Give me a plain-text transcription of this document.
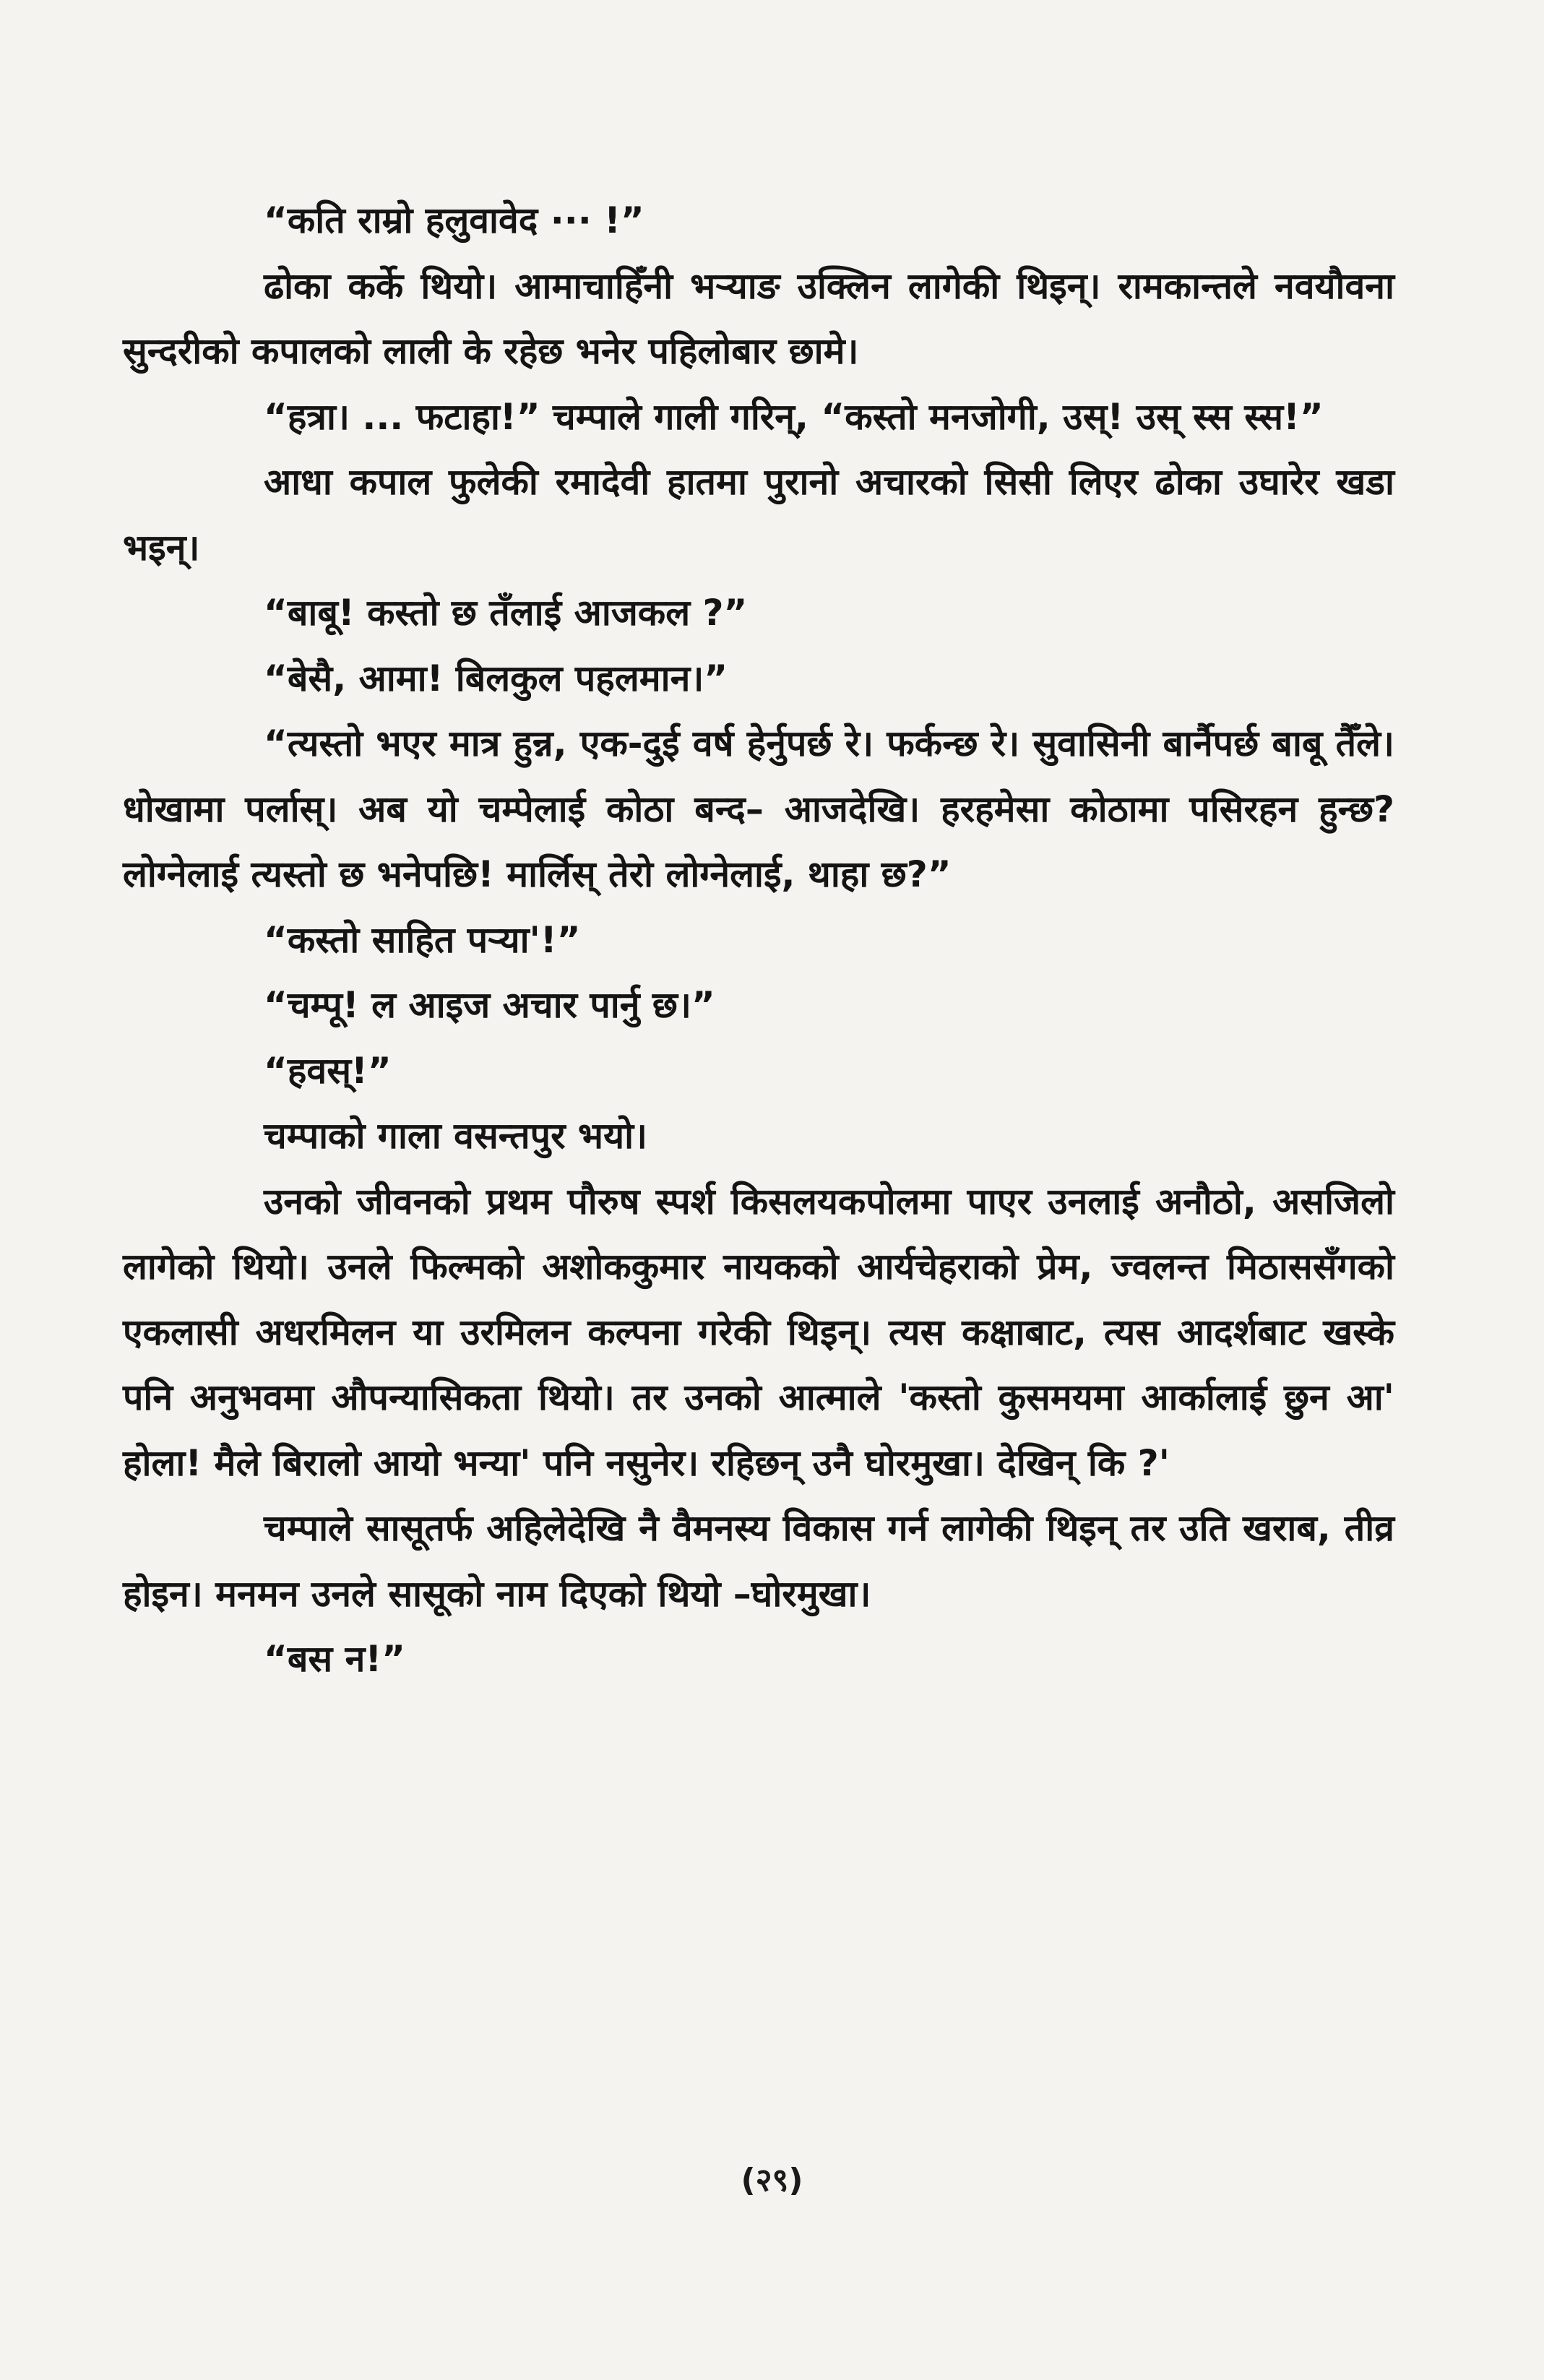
“कति राम्रो हलुवावेद ··· !”

ढोका कर्के थियो। आमाचाहिँनी भऱ्याङ उक्लिन लागेकी थिइन्। रामकान्तले नवयौवना सुन्दरीको कपालको लाली के रहेछ भनेर पहिलोबार छामे।

“हत्रा। ... फटाहा!” चम्पाले गाली गरिन्, “कस्तो मनजोगी, उस्! उस् स्स स्स!”

आधा कपाल फुलेकी रमादेवी हातमा पुरानो अचारको सिसी लिएर ढोका उघारेर खडा भइन्।

“बाबू! कस्तो छ तँलाई आजकल ?”

“बेसै, आमा! बिलकुल पहलमान।”

“त्यस्तो भएर मात्र हुन्न, एक-दुई वर्ष हेर्नुपर्छ रे। फर्कन्छ रे। सुवासिनी बार्नैपर्छ बाबू तैँले। धोखामा पर्लास्। अब यो चम्पेलाई कोठा बन्द– आजदेखि। हरहमेसा कोठामा पसिरहन हुन्छ? लोग्नेलाई त्यस्तो छ भनेपछि! मार्लिस् तेरो लोग्नेलाई, थाहा छ?”

“कस्तो साहित पऱ्या'!”

“चम्पू! ल आइज अचार पार्नु छ।”

“हवस्!”

चम्पाको गाला वसन्तपुर भयो।

उनको जीवनको प्रथम पौरुष स्पर्श किसलयकपोलमा पाएर उनलाई अनौठो, असजिलो लागेको थियो। उनले फिल्मको अशोककुमार नायकको आर्यचेहराको प्रेम, ज्वलन्त मिठाससँगको एकलासी अधरमिलन या उरमिलन कल्पना गरेकी थिइन्। त्यस कक्षाबाट, त्यस आदर्शबाट खस्के पनि अनुभवमा औपन्यासिकता थियो। तर उनको आत्माले 'कस्तो कुसमयमा आर्कालाई छुन आ' होला! मैले बिरालो आयो भन्या' पनि नसुनेर। रहिछन् उनै घोरमुखा। देखिन् कि ?'

चम्पाले सासूतर्फ अहिलेदेखि नै वैमनस्य विकास गर्न लागेकी थिइन् तर उति खराब, तीव्र होइन। मनमन उनले सासूको नाम दिएको थियो –घोरमुखा।

“बस न!”

(२९)
